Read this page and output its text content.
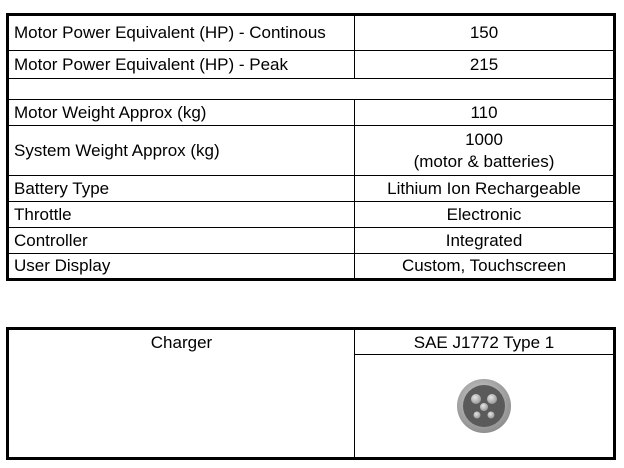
Motor Power Equivalent (HP) - Continous	150
Motor Power Equivalent (HP) - Peak	215

Motor Weight Approx (kg)	110
System Weight Approx (kg)	1000
(motor & batteries)

Battery Type	Lithium Ion Rechargeable
Throttle	Electronic
Controller	Integrated
User Display	Custom, Touchscreen
Charger	SAE J1772 Type 1
